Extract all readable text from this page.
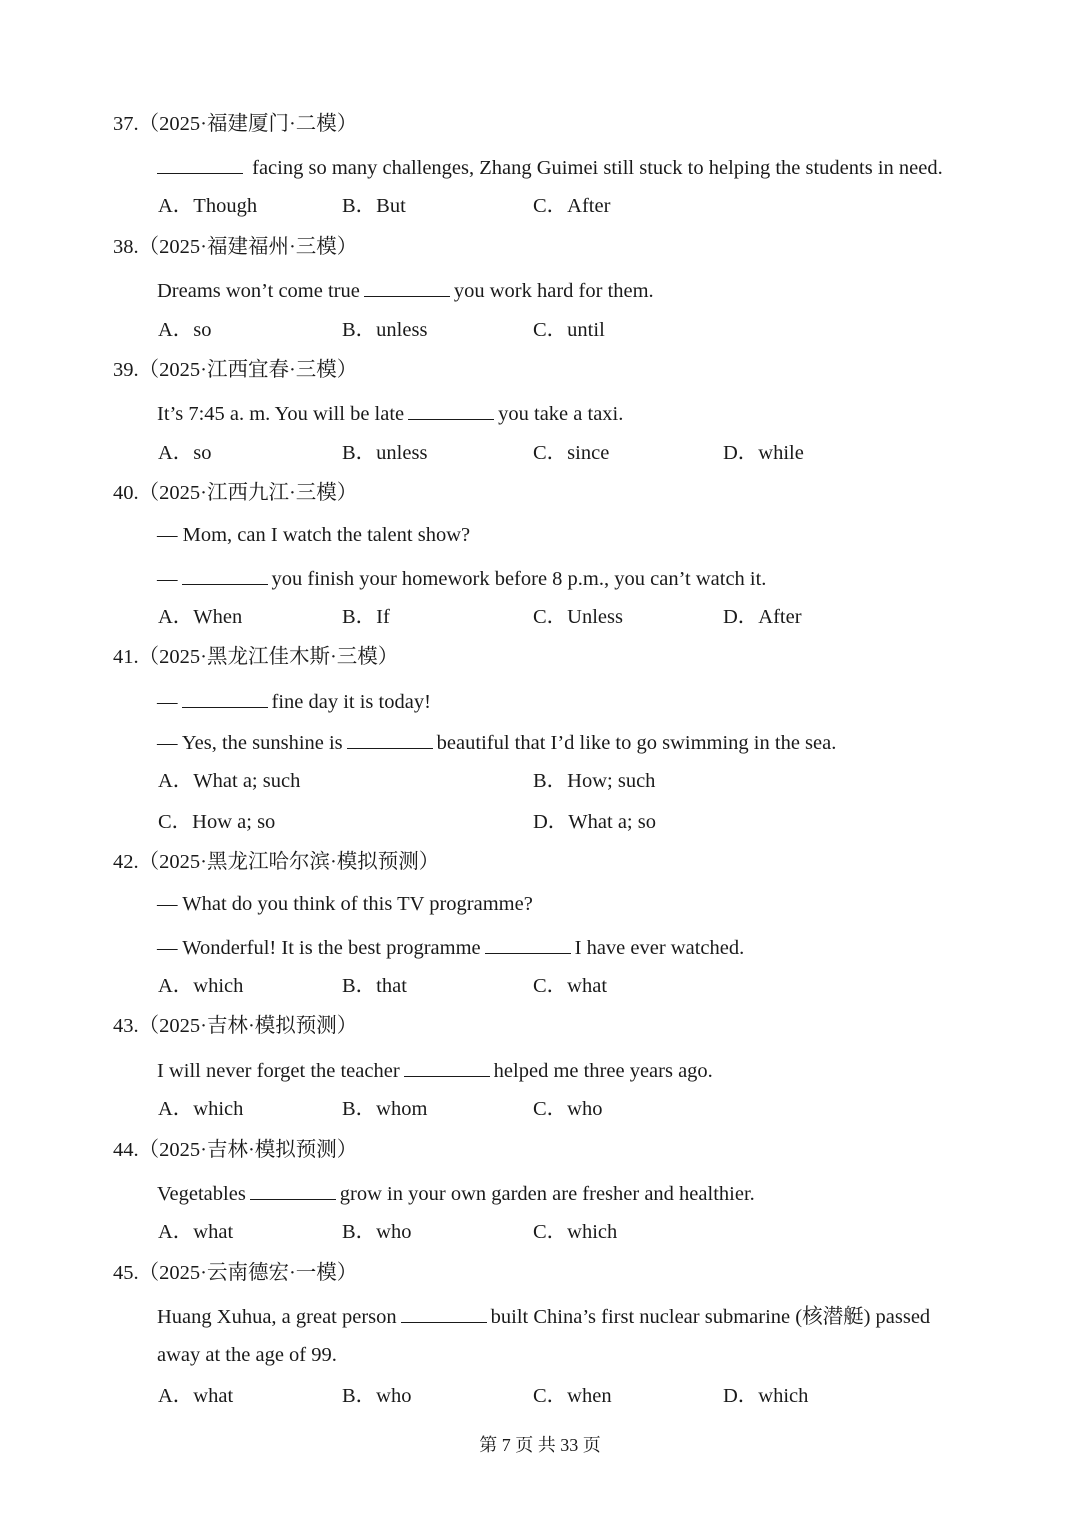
37.（2025·福建厦门·二模）
facing so many challenges, Zhang Guimei still stuck to helping the students in need.
A．Though	B．But	C．After
38.（2025·福建福州·三模）
Dreams won’t come true	you work hard for them.
A．so	B．unless	C．until
39.（2025·江西宜春·三模）
It’s 7:45 a. m. You will be late	you take a taxi.
A．so	B．unless	C．since	D．while
40.（2025·江西九江·三模）
— Mom, can I watch the talent show?
—	you finish your homework before 8 p.m., you can’t watch it.
A．When	B．If	C．Unless	D．After
41.（2025·黑龙江佳木斯·三模）
—	fine day it is today!
— Yes, the sunshine is	beautiful that I’d like to go swimming in the sea.
A．What a; such	B．How; such
C．How a; so	D．What a; so
42.（2025·黑龙江哈尔滨·模拟预测）
— What do you think of this TV programme?
— Wonderful! It is the best programme	I have ever watched.
A．which	B．that	C．what
43.（2025·吉林·模拟预测）
I will never forget the teacher	helped me three years ago.
A．which	B．whom	C．who
44.（2025·吉林·模拟预测）
Vegetables	grow in your own garden are fresher and healthier.
A．what	B．who	C．which
45.（2025·云南德宏·一模）
Huang Xuhua, a great person	built China’s first nuclear submarine (核潜艇) passed
away at the age of 99.
A．what	B．who	C．when	D．which
第 7 页 共 33 页
